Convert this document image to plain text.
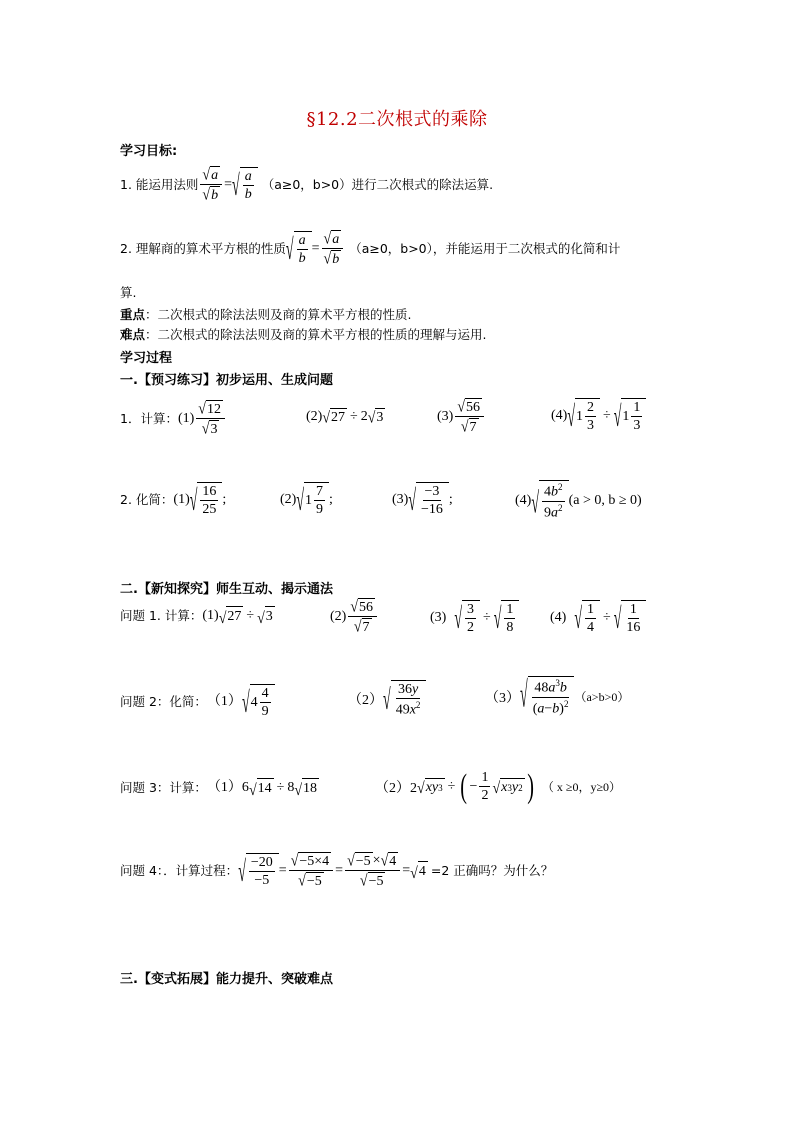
§12.2二次根式的乘除
学习目标:
1. 能运用法则 $\frac{√ a}{√ b}$ = √ $\frac{a}{b} (a\ge 0$，b>0）进行二次根式的除法运算.
2. 理解商的算术平方根的性质 √ $\frac{a}{b} = \frac{√ a}{√ b} (a\ge 0$，b>0），并能运用于二次根式的化简和计
算.
重点：二次根式的除法法则及商的算术平方根的性质.
难点：二次根式的除法法则及商的算术平方根的性质的理解与运用.
学习过程
一.【预习练习】初步运用、生成问题
1．计算： $(1) \frac{√ 12}{√ 3}$	(2) √ 27 ÷ 2 √ 3	$(3) \frac{√ 56}{√ 7}$	(4) √ $1 \frac{2}{3}$ ÷ √ $1 \frac{1}{3}$
2. 化简： (1) √ $\frac{16}{25}$ ;	(2) √ $1 \frac{7}{9}$ ;	(3) √ $\frac{-3}{-16}$ ;	(4) √ $\frac{4b^2}{9a^2} (a > 0$, b ≥ 0)
二.【新知探究】师生互动、揭示通法
问题 1. 计算： (1) √ 27 ÷ √ 3	$(2) \frac{√ 56}{√ 7}$	(3) √ $\frac{3}{2}$ ÷ √ $\frac{1}{8} (4)$ √ $\frac{1}{4}$ ÷ √ $\frac{1}{16}$
问题 2：化简： （1） √ $4 \frac{4}{9}$	（2） √ $\frac{36y}{49x^2}$	（3） √ $\frac{48a^3b}{(a-b)^2} (a>b>0)$
问题 3：计算： （1）6 √ 14 ÷ 8 √ 18	（2）2 √ xy 3 ÷ ( − $\frac{1}{2}$ √ x 3 y 2 ) （ x ≥0，y≥0）
问题 4：．计算过程： √ $\frac{-20}{-5} = \frac{√ -5\times 4}{√ -5} = \frac{√ -5 \times √ 4}{√ -5}$ = √ 4 =2 正确吗？为什么？
三.【变式拓展】能力提升、突破难点
